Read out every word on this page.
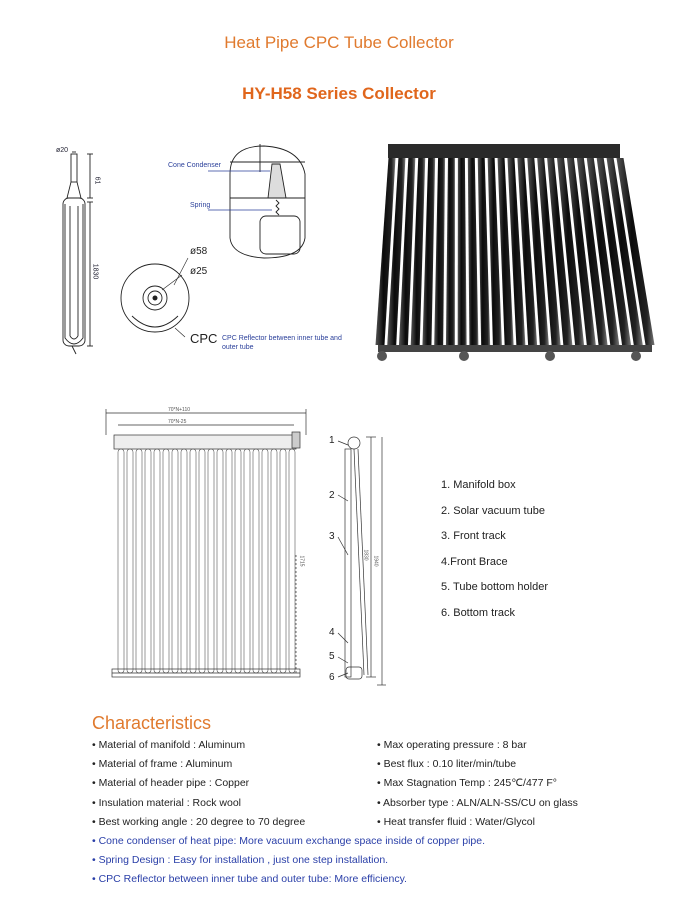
Heat Pipe CPC Tube Collector
HY-H58 Series Collector
ø20
61
1830
Cone Condenser
Spring
ø58
ø25
CPC CPC Reflector between inner tube and outer tube
70*N+110
70*N-25
1715
1830
1940
1
2
3
4
5
6
1. Manifold box
2. Solar vacuum tube
3. Front track
4.Front Brace
5. Tube bottom holder
6. Bottom track
Characteristics
• Material of manifold : Aluminum
• Material of frame : Aluminum
• Material of header pipe : Copper
• Insulation material : Rock wool
• Best working angle : 20 degree to 70 degree
• Max operating pressure : 8 bar
• Best flux : 0.10 liter/min/tube
• Max Stagnation Temp : 245℃/477 F°
• Absorber type : ALN/ALN-SS/CU on glass
• Heat transfer fluid : Water/Glycol
• Cone condenser of heat pipe: More vacuum exchange space inside of copper pipe.
• Spring Design : Easy for installation , just one step installation.
• CPC Reflector between inner tube and outer tube: More efficiency.
